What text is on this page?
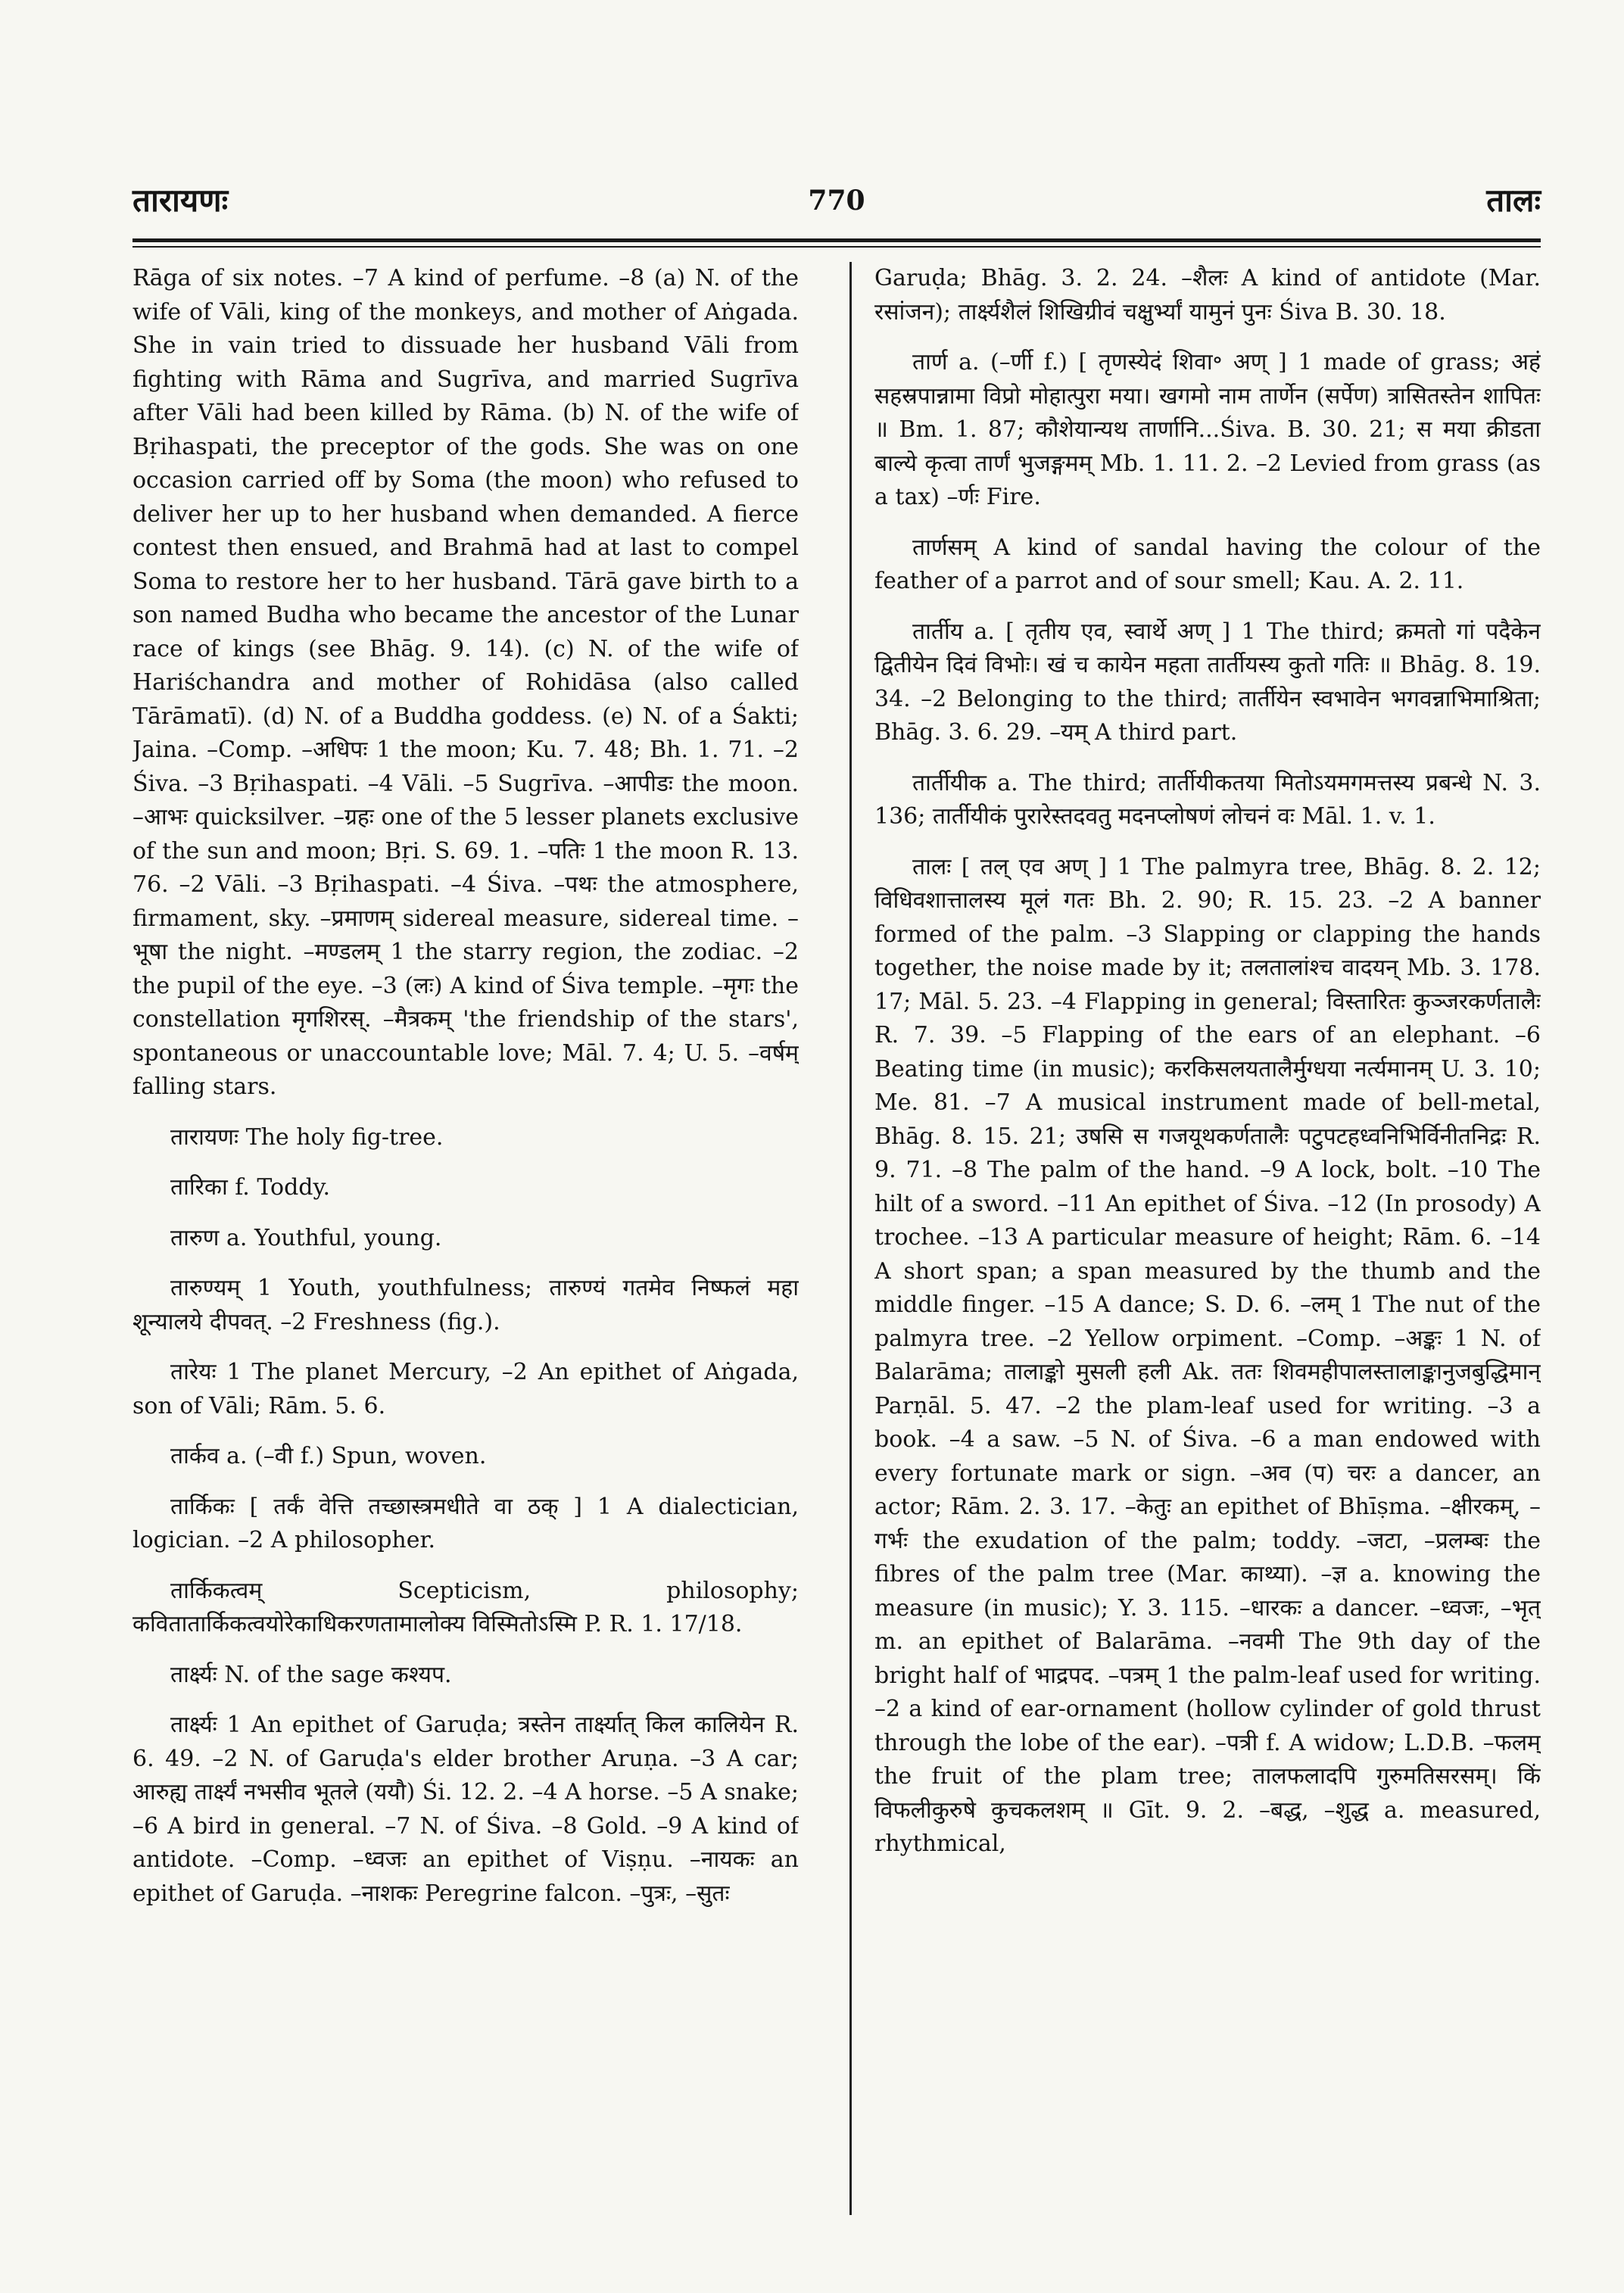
तारायणः	770	तालः

Rāga of six notes. –7 A kind of perfume. –8 (a) N. of the wife of Vāli, king of the monkeys, and mother of Aṅgada. She in vain tried to dissuade her husband Vāli from fighting with Rāma and Sugrīva, and married Sugrīva after Vāli had been killed by Rāma. (b) N. of the wife of Bṛihaspati, the preceptor of the gods. She was on one occasion carried off by Soma (the moon) who refused to deliver her up to her husband when demanded. A fierce contest then ensued, and Brahmā had at last to compel Soma to restore her to her husband. Tārā gave birth to a son named Budha who became the ancestor of the Lunar race of kings (see Bhāg. 9. 14). (c) N. of the wife of Hariśchandra and mother of Rohidāsa (also called Tārāmatī). (d) N. of a Buddha goddess. (e) N. of a Śakti; Jaina. –Comp. –अधिपः 1 the moon; Ku. 7. 48; Bh. 1. 71. –2 Śiva. –3 Bṛihaspati. –4 Vāli. –5 Sugrīva. –आपीडः the moon. –आभः quicksilver. –ग्रहः one of the 5 lesser planets exclusive of the sun and moon; Bṛi. S. 69. 1. –पतिः 1 the moon R. 13. 76. –2 Vāli. –3 Bṛihaspati. –4 Śiva. –पथः the atmosphere, firmament, sky. –प्रमाणम् sidereal measure, sidereal time. –भूषा the night. –मण्डलम् 1 the starry region, the zodiac. –2 the pupil of the eye. –3 (लः) A kind of Śiva temple. –मृगः the constellation मृगशिरस्. –मैत्रकम् 'the friendship of the stars', spontaneous or unaccountable love; Māl. 7. 4; U. 5. –वर्षम् falling stars.

तारायणः The holy fig-tree.

तारिका f. Toddy.

तारुण a. Youthful, young.

तारुण्यम् 1 Youth, youthfulness; तारुण्यं गतमेव निष्फलं महा शून्यालये दीपवत्. –2 Freshness (fig.).

तारेयः 1 The planet Mercury, –2 An epithet of Aṅgada, son of Vāli; Rām. 5. 6.

तार्कव a. (–वी f.) Spun, woven.

तार्किकः [ तर्कं वेत्ति तच्छास्त्रमधीते वा ठक् ] 1 A dialectician, logician. –2 A philosopher.

तार्किकत्वम् Scepticism, philosophy; कवितातार्किकत्वयोरेकाधिकरणतामालोक्य विस्मितोऽस्मि P. R. 1. 17/18.

तार्क्ष्यः N. of the sage कश्यप.

तार्क्ष्यः 1 An epithet of Garuḍa; त्रस्तेन तार्क्ष्यात् किल कालियेन R. 6. 49. –2 N. of Garuḍa's elder brother Aruṇa. –3 A car; आरुह्य तार्क्ष्यं नभसीव भूतले (ययौ) Śi. 12. 2. –4 A horse. –5 A snake; –6 A bird in general. –7 N. of Śiva. –8 Gold. –9 A kind of antidote. –Comp. –ध्वजः an epithet of Viṣṇu. –नायकः an epithet of Garuḍa. –नाशकः Peregrine falcon. –पुत्रः, –सुतः

Garuḍa; Bhāg. 3. 2. 24. –शैलः A kind of antidote (Mar. रसांजन); तार्क्ष्यशैलं शिखिग्रीवं चक्षुर्भ्यां यामुनं पुनः Śiva B. 30. 18.

तार्ण a. (–र्णी f.) [ तृणस्येदं शिवा॰ अण् ] 1 made of grass; अहं सहस्रपान्नामा विप्रो मोहात्पुरा मया। खगमो नाम तार्णेन (सर्पेण) त्रासितस्तेन शापितः ॥ Bm. 1. 87; कौशेयान्यथ तार्णानि...Śiva. B. 30. 21; स मया क्रीडता बाल्ये कृत्वा तार्णं भुजङ्गमम् Mb. 1. 11. 2. –2 Levied from grass (as a tax) –र्णः Fire.

तार्णसम् A kind of sandal having the colour of the feather of a parrot and of sour smell; Kau. A. 2. 11.

तार्तीय a. [ तृतीय एव, स्वार्थे अण् ] 1 The third; क्रमतो गां पदैकेन द्वितीयेन दिवं विभोः। खं च कायेन महता तार्तीयस्य कुतो गतिः ॥ Bhāg. 8. 19. 34. –2 Belonging to the third; तार्तीयेन स्वभावेन भगवन्नाभिमाश्रिता; Bhāg. 3. 6. 29. –यम् A third part.

तार्तीयीक a. The third; तार्तीयीकतया मितोऽयमगमत्तस्य प्रबन्धे N. 3. 136; तार्तीयीकं पुरारेस्तदवतु मदनप्लोषणं लोचनं वः Māl. 1. v. 1.

तालः [ तल् एव अण् ] 1 The palmyra tree, Bhāg. 8. 2. 12; विधिवशात्तालस्य मूलं गतः Bh. 2. 90; R. 15. 23. –2 A banner formed of the palm. –3 Slapping or clapping the hands together, the noise made by it; तलतालांश्च वादयन् Mb. 3. 178. 17; Māl. 5. 23. –4 Flapping in general; विस्तारितः कुञ्जरकर्णतालैः R. 7. 39. –5 Flapping of the ears of an elephant. –6 Beating time (in music); करकिसलयतालैर्मुग्धया नर्त्यमानम् U. 3. 10; Me. 81. –7 A musical instrument made of bell-metal, Bhāg. 8. 15. 21; उषसि स गजयूथकर्णतालैः पटुपटहध्वनिभिर्विनीतनिद्रः R. 9. 71. –8 The palm of the hand. –9 A lock, bolt. –10 The hilt of a sword. –11 An epithet of Śiva. –12 (In prosody) A trochee. –13 A particular measure of height; Rām. 6. –14 A short span; a span measured by the thumb and the middle finger. –15 A dance; S. D. 6. –लम् 1 The nut of the palmyra tree. –2 Yellow orpiment. –Comp. –अङ्कः 1 N. of Balarāma; तालाङ्को मुसली हली Ak. ततः शिवमहीपालस्तालाङ्कानुजबुद्धिमान् Parṇāl. 5. 47. –2 the plam-leaf used for writing. –3 a book. –4 a saw. –5 N. of Śiva. –6 a man endowed with every fortunate mark or sign. –अव (प) चरः a dancer, an actor; Rām. 2. 3. 17. –केतुः an epithet of Bhīṣma. –क्षीरकम्, –गर्भः the exudation of the palm; toddy. –जटा, –प्रलम्बः the fibres of the palm tree (Mar. काथ्या). –ज्ञ a. knowing the measure (in music); Y. 3. 115. –धारकः a dancer. –ध्वजः, –भृत् m. an epithet of Balarāma. –नवमी The 9th day of the bright half of भाद्रपद. –पत्रम् 1 the palm-leaf used for writing. –2 a kind of ear-ornament (hollow cylinder of gold thrust through the lobe of the ear). –पत्री f. A widow; L.D.B. –फलम् the fruit of the plam tree; तालफलादपि गुरुमतिसरसम्। किं विफलीकुरुषे कुचकलशम् ॥ Gīt. 9. 2. –बद्ध, –शुद्ध a. measured, rhythmical,
